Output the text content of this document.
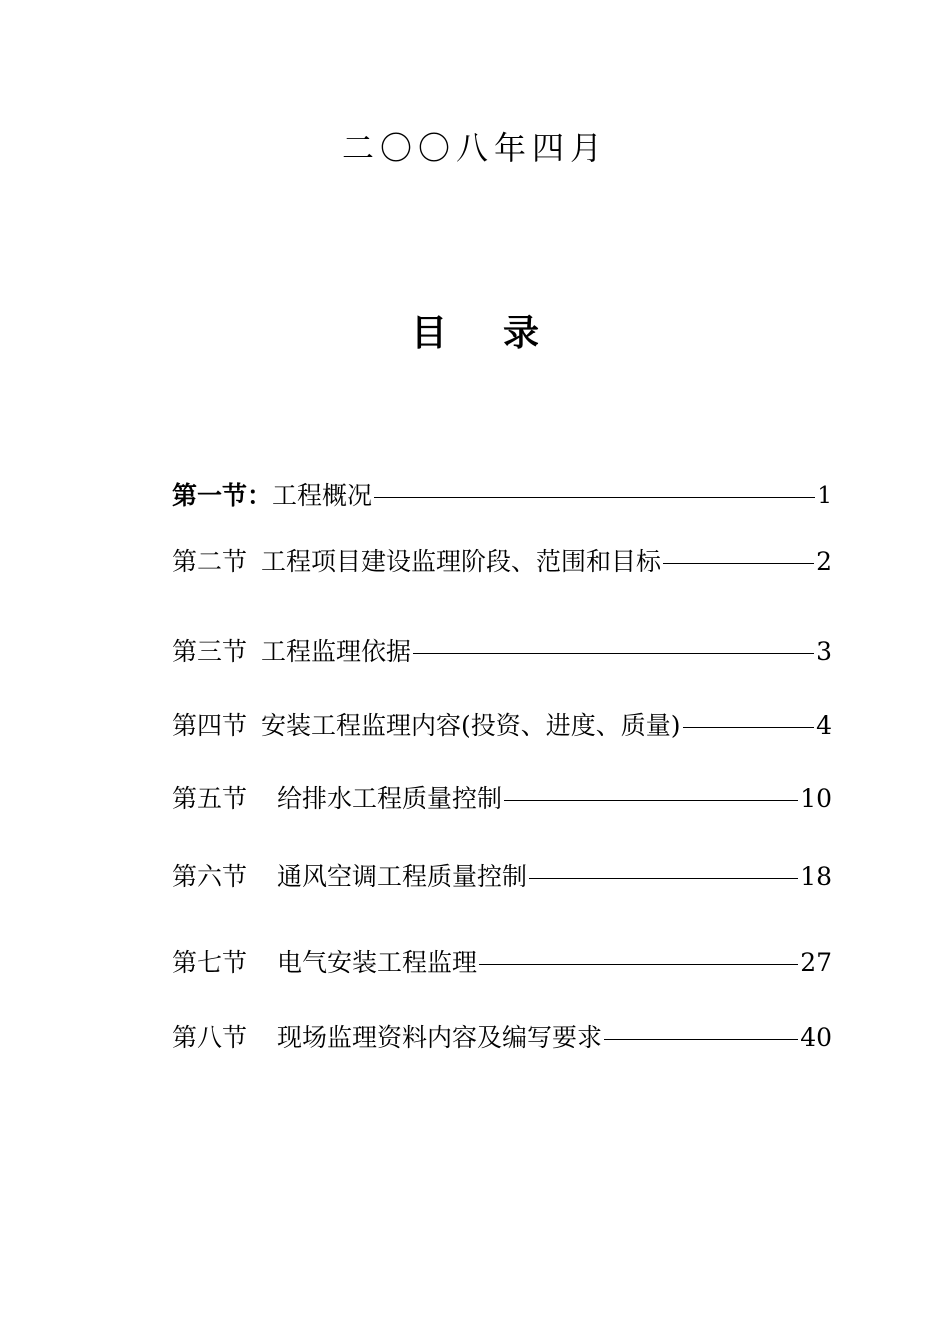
二〇〇八年四月
目 录
第一节： 工程概况	1
第二节 工程项目建设监理阶段、范围和目标	2
第三节 工程监理依据	3
第四节 安装工程监理内容(投资、进度、质量)	4
第五节 给排水工程质量控制	10
第六节 通风空调工程质量控制	18
第七节 电气安装工程监理	27
第八节 现场监理资料内容及编写要求	40
